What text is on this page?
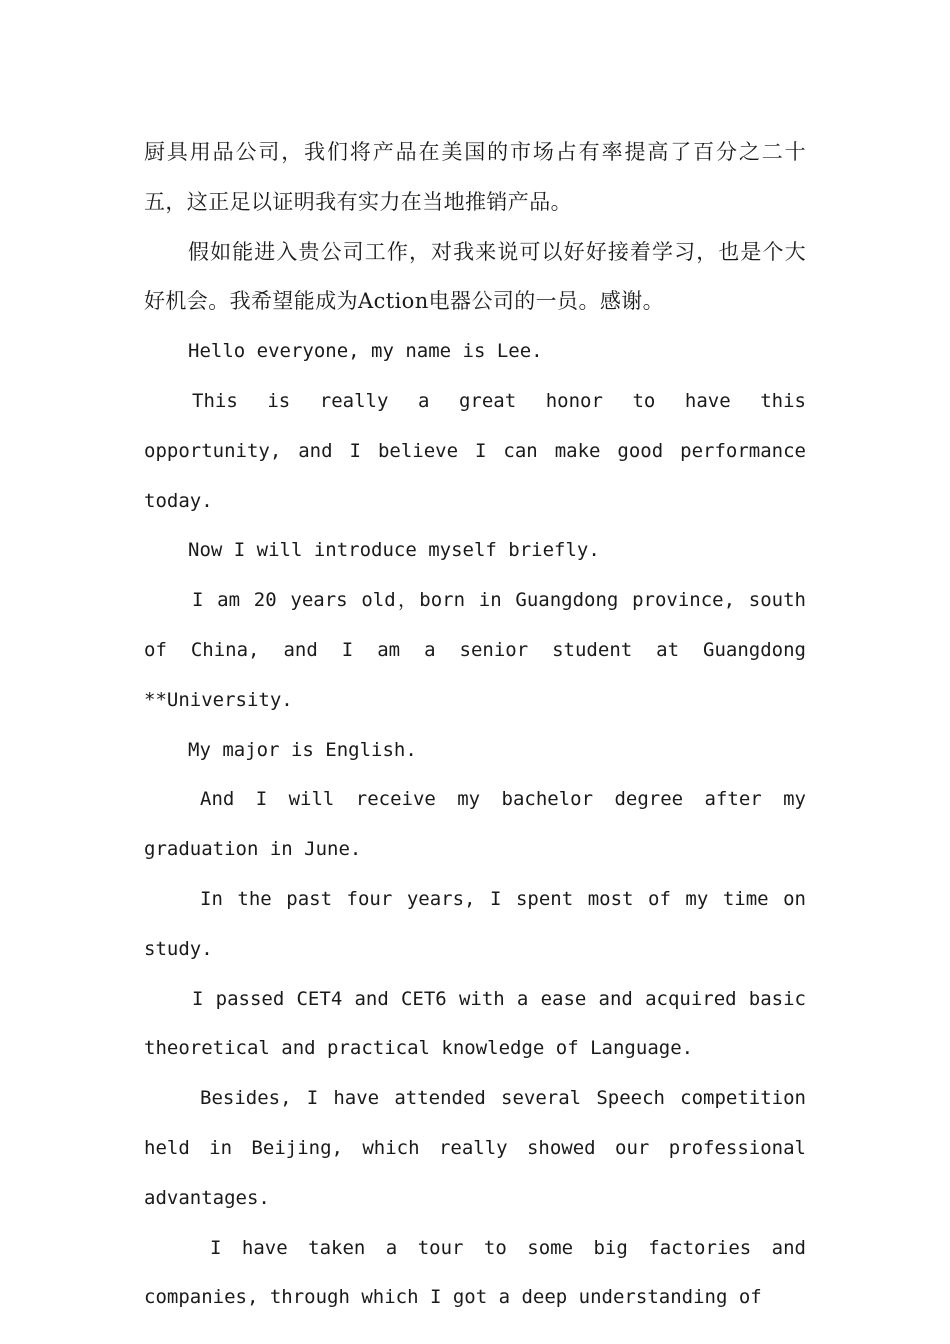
厨具用品公司，我们将产品在美国的市场占有率提高了百分之二十五，这正足以证明我有实力在当地推销产品。

假如能进入贵公司工作，对我来说可以好好接着学习，也是个大好机会。我希望能成为Action电器公司的一员。感谢。

Hello everyone, my name is Lee.

This is really a great honor to have this opportunity, and I believe I can make good performance today.

Now I will introduce myself briefly.

I am 20 years old，born in Guangdong province, south of China, and I am a senior student at Guangdong **University.

My major is English.

And I will receive my bachelor degree after my graduation in June.

In the past four years, I spent most of my time on study.

I passed CET4 and CET6 with a ease and acquired basic theoretical and practical knowledge of Language.

Besides, I have attended several Speech competition held in Beijing, which really showed our professional advantages.

I have taken a tour to some big factories and companies, through which I got a deep understanding of
